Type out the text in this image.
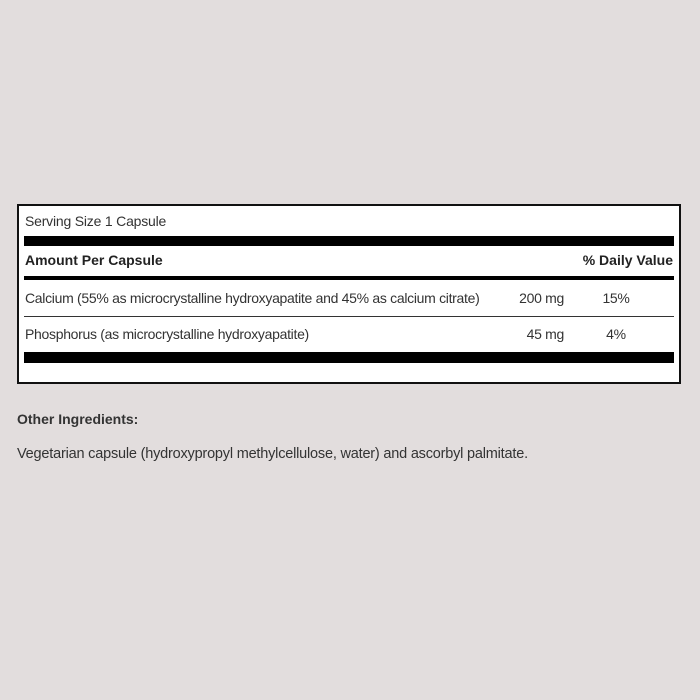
Serving Size 1 Capsule
Amount Per Capsule	% Daily Value
Calcium (55% as microcrystalline hydroxyapatite and 45% as calcium citrate)	200 mg	15%
Phosphorus (as microcrystalline hydroxyapatite)	45 mg	4%
Other Ingredients:
Vegetarian capsule (hydroxypropyl methylcellulose, water) and ascorbyl palmitate.
